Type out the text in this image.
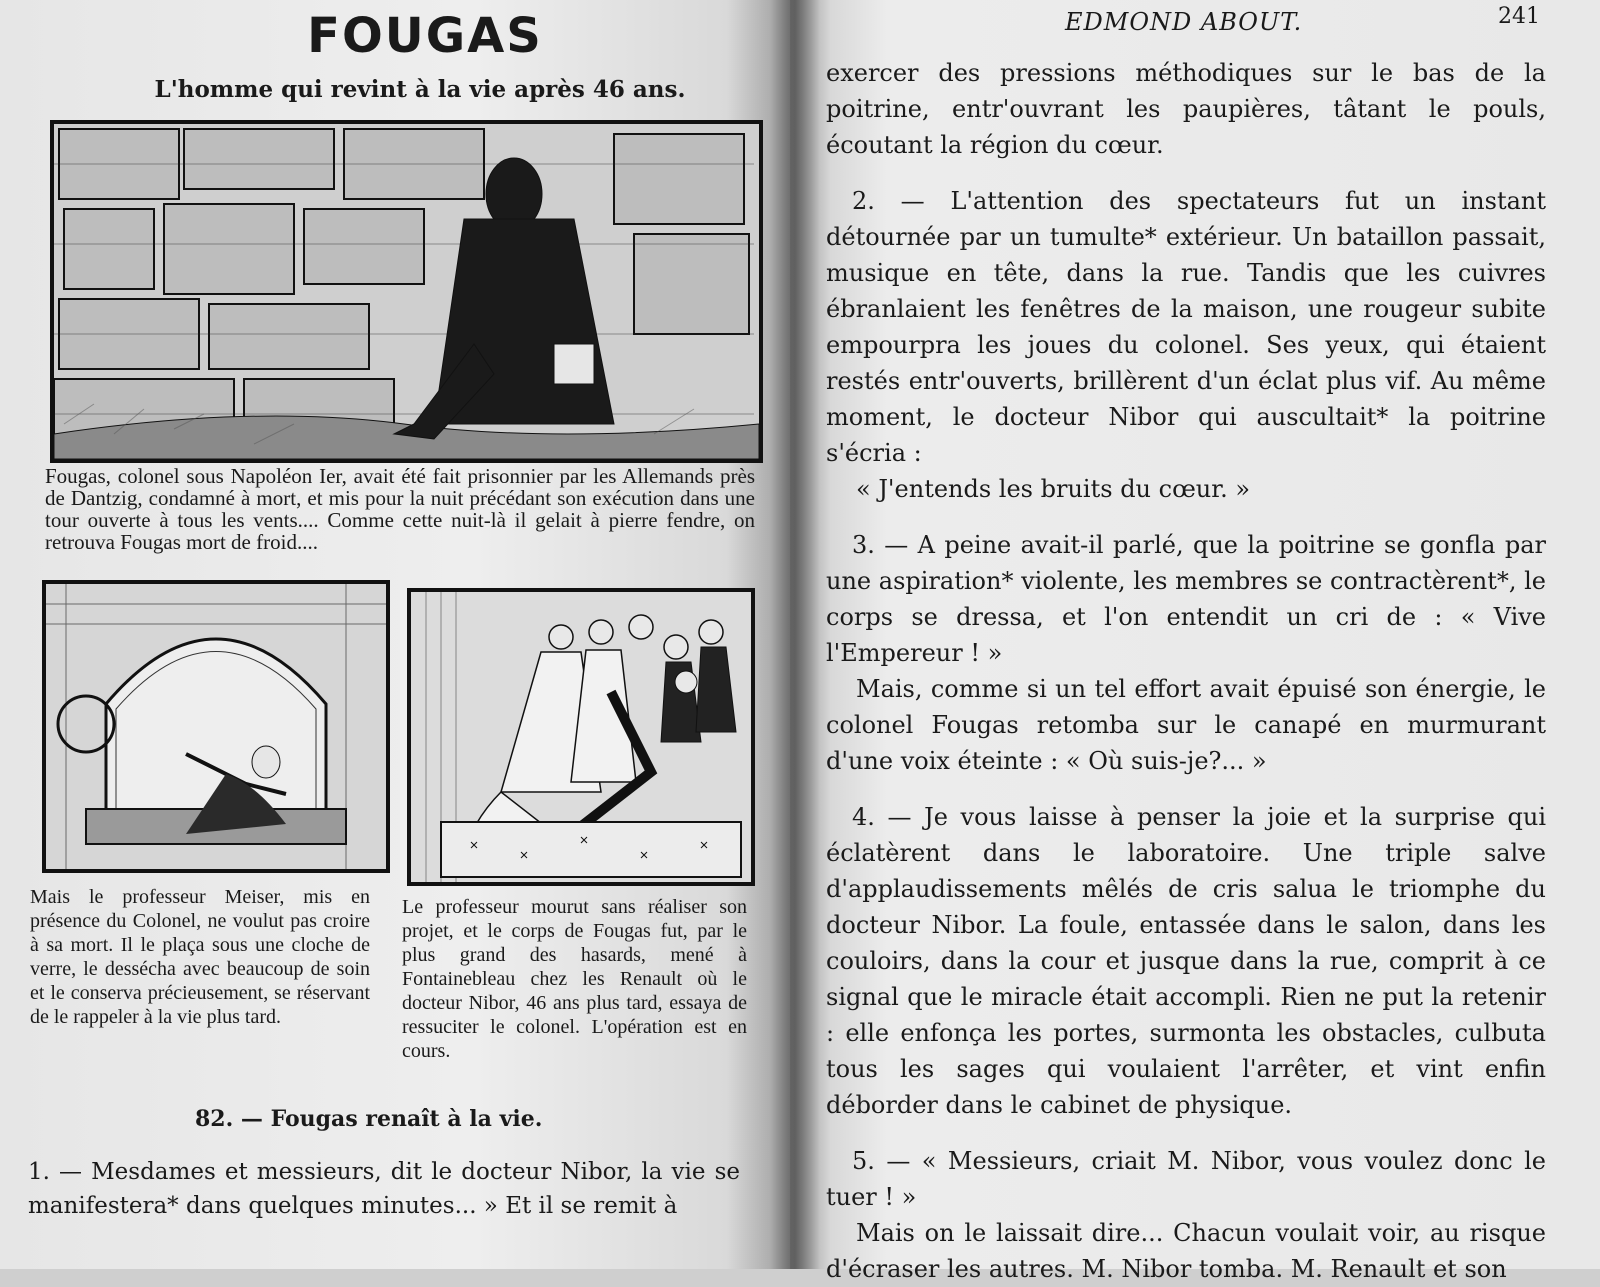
FOUGAS
L'homme qui revint à la vie après 46 ans.
Fougas, colonel sous Napoléon Ier, avait été fait prisonnier par les Allemands près de Dantzig, condamné à mort, et mis pour la nuit précédant son exécution dans une tour ouverte à tous les vents.... Comme cette nuit-là il gelait à pierre fendre, on retrouva Fougas mort de froid....
Mais le professeur Meiser, mis en présence du Colonel, ne voulut pas croire à sa mort. Il le plaça sous une cloche de verre, le dessécha avec beaucoup de soin et le conserva précieusement, se réservant de le rappeler à la vie plus tard.
Le professeur mourut sans réaliser son projet, et le corps de Fougas fut, par le plus grand des hasards, mené à Fontainebleau chez les Renault où le docteur Nibor, 46 ans plus tard, essaya de ressuciter le colonel. L'opération est en cours.
82. — Fougas renaît à la vie.
1. — Mesdames et messieurs, dit le docteur Nibor, la vie se manifestera* dans quelques minutes... » Et il se remit à
EDMOND ABOUT.	241

exercer des pressions méthodiques sur le bas de la poitrine, entr'ouvrant les paupières, tâtant le pouls, écoutant la région du cœur.

2. — L'attention des spectateurs fut un instant détournée par un tumulte* extérieur. Un bataillon passait, musique en tête, dans la rue. Tandis que les cuivres ébranlaient les fenêtres de la maison, une rougeur subite empourpra les joues du colonel. Ses yeux, qui étaient restés entr'ouverts, brillèrent d'un éclat plus vif. Au même moment, le docteur Nibor qui auscultait* la poitrine s'écria :

« J'entends les bruits du cœur. »

3. — A peine avait-il parlé, que la poitrine se gonfla par une aspiration* violente, les membres se contractèrent*, le corps se dressa, et l'on entendit un cri de : « Vive l'Empereur ! »

Mais, comme si un tel effort avait épuisé son énergie, le colonel Fougas retomba sur le canapé en murmurant d'une voix éteinte : « Où suis-je?... »

4. — Je vous laisse à penser la joie et la surprise qui éclatèrent dans le laboratoire. Une triple salve d'applaudissements mêlés de cris salua le triomphe du docteur Nibor. La foule, entassée dans le salon, dans les couloirs, dans la cour et jusque dans la rue, comprit à ce signal que le miracle était accompli. Rien ne put la retenir : elle enfonça les portes, surmonta les obstacles, culbuta tous les sages qui voulaient l'arrêter, et vint enfin déborder dans le cabinet de physique.

5. — « Messieurs, criait M. Nibor, vous voulez donc le tuer ! »

Mais on le laissait dire... Chacun voulait voir, au risque d'écraser les autres. M. Nibor tomba. M. Renault et son
